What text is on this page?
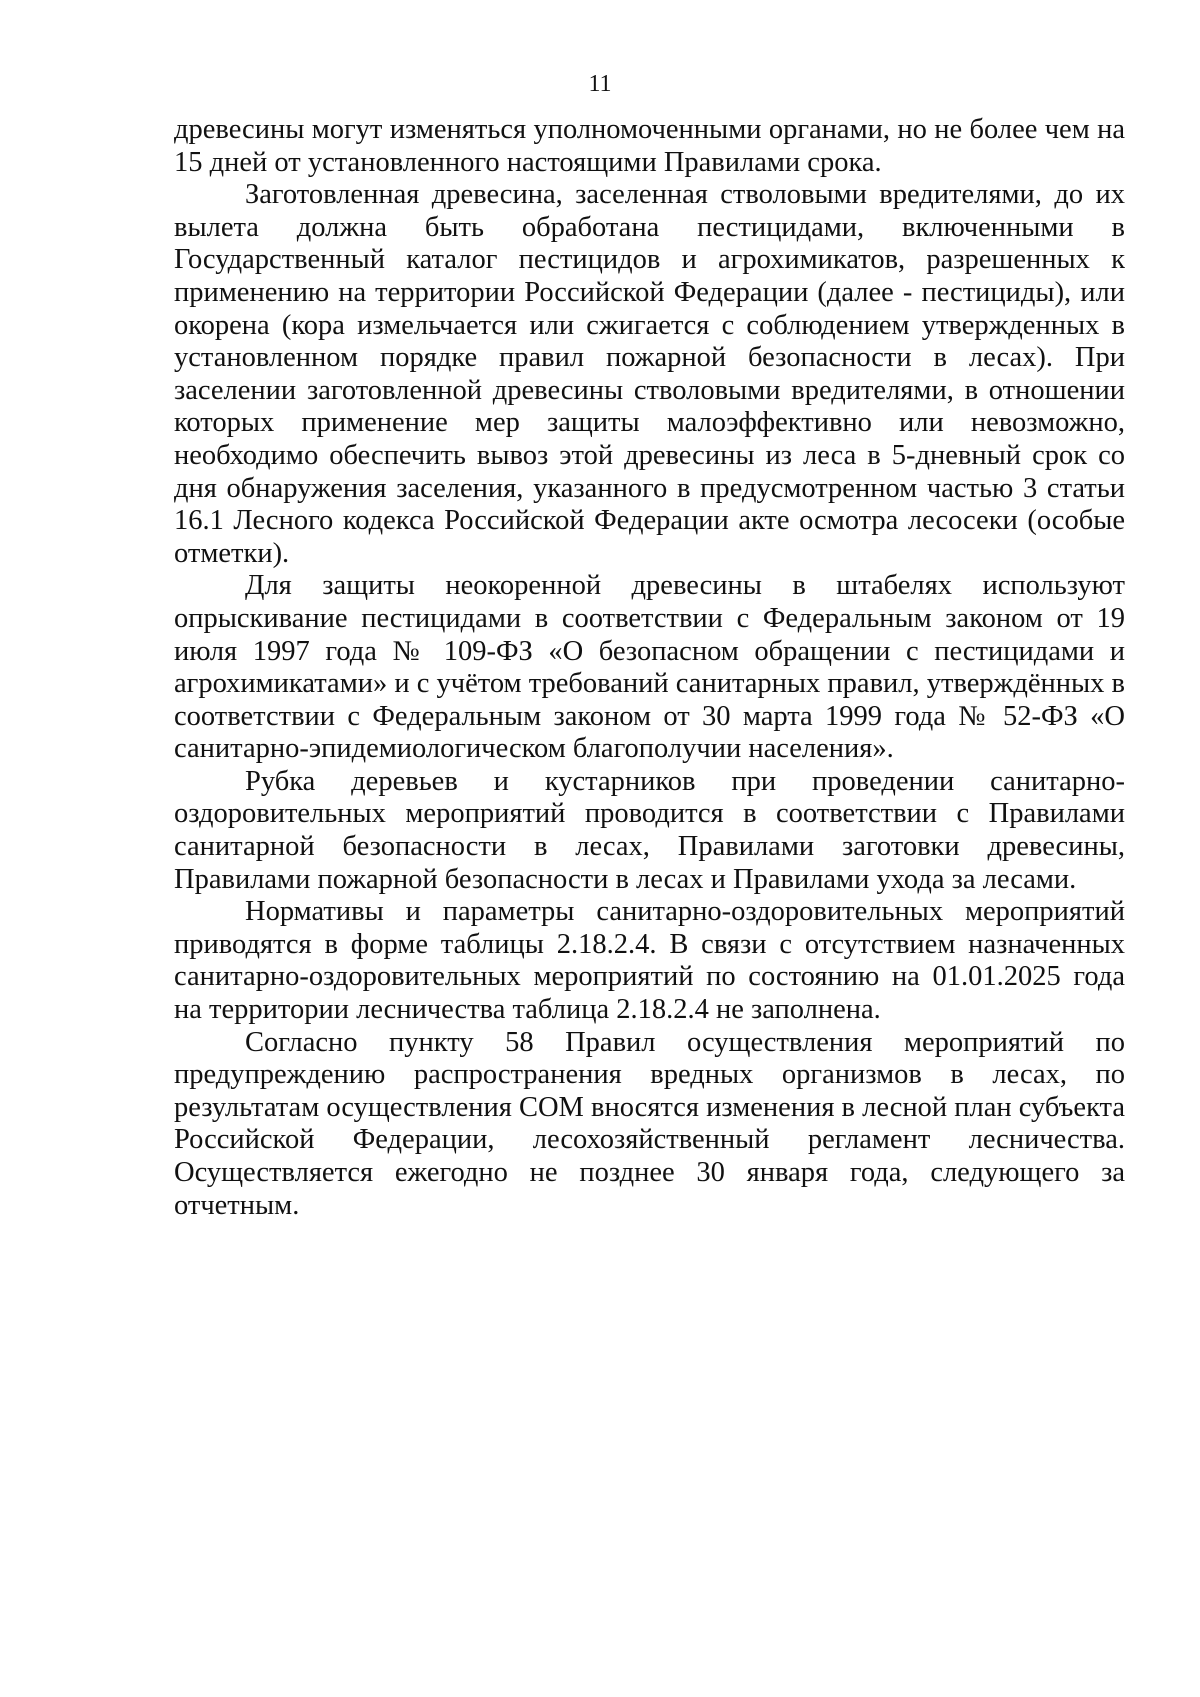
11

древесины могут изменяться уполномоченными органами, но не более чем на 15 дней от установленного настоящими Правилами срока.

Заготовленная древесина, заселенная стволовыми вредителями, до их вылета должна быть обработана пестицидами, включенными в Государственный каталог пестицидов и агрохимикатов, разрешенных к применению на территории Российской Федерации (далее - пестициды), или окорена (кора измельчается или сжигается с соблюдением утвержденных в установленном порядке правил пожарной безопасности в лесах). При заселении заготовленной древесины стволовыми вредителями, в отношении которых применение мер защиты малоэффективно или невозможно, необходимо обеспечить вывоз этой древесины из леса в 5-дневный срок со дня обнаружения заселения, указанного в предусмотренном частью 3 статьи 16.1 Лесного кодекса Российской Федерации акте осмотра лесосеки (особые отметки).

Для защиты неокоренной древесины в штабелях используют опрыскивание пестицидами в соответствии с Федеральным законом от 19 июля 1997 года № 109-ФЗ «О безопасном обращении с пестицидами и агрохимикатами» и с учётом требований санитарных правил, утверждённых в соответствии с Федеральным законом от 30 марта 1999 года № 52-ФЗ «О санитарно-эпидемиологическом благополучии населения».

Рубка деревьев и кустарников при проведении санитарно-оздоровительных мероприятий проводится в соответствии с Правилами санитарной безопасности в лесах, Правилами заготовки древесины, Правилами пожарной безопасности в лесах и Правилами ухода за лесами.

Нормативы и параметры санитарно-оздоровительных мероприятий приводятся в форме таблицы 2.18.2.4. В связи с отсутствием назначенных санитарно-оздоровительных мероприятий по состоянию на 01.01.2025 года на территории лесничества таблица 2.18.2.4 не заполнена.

Согласно пункту 58 Правил осуществления мероприятий по предупреждению распространения вредных организмов в лесах, по результатам осуществления СОМ вносятся изменения в лесной план субъекта Российской Федерации, лесохозяйственный регламент лесничества. Осуществляется ежегодно не позднее 30 января года, следующего за отчетным.
